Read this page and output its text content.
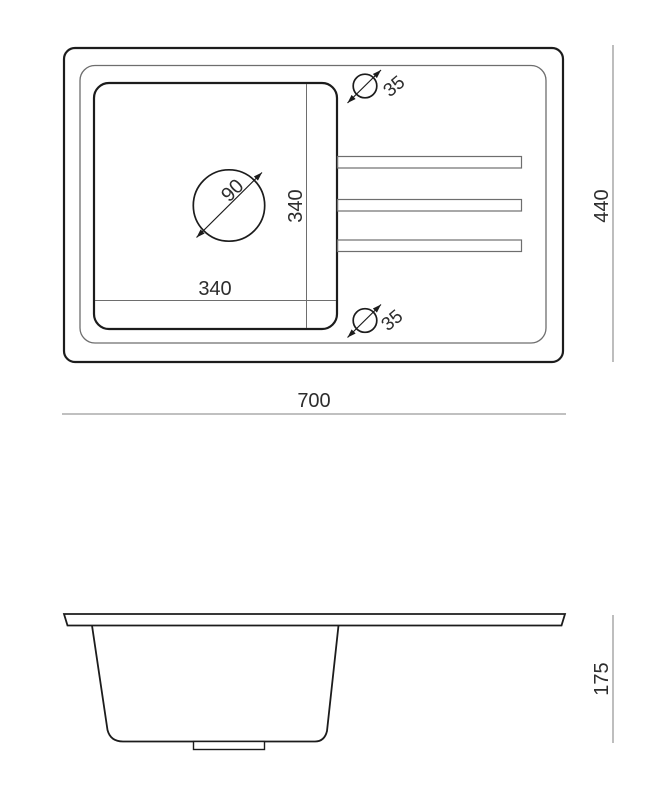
90 340
340
35
35
700
440
175
